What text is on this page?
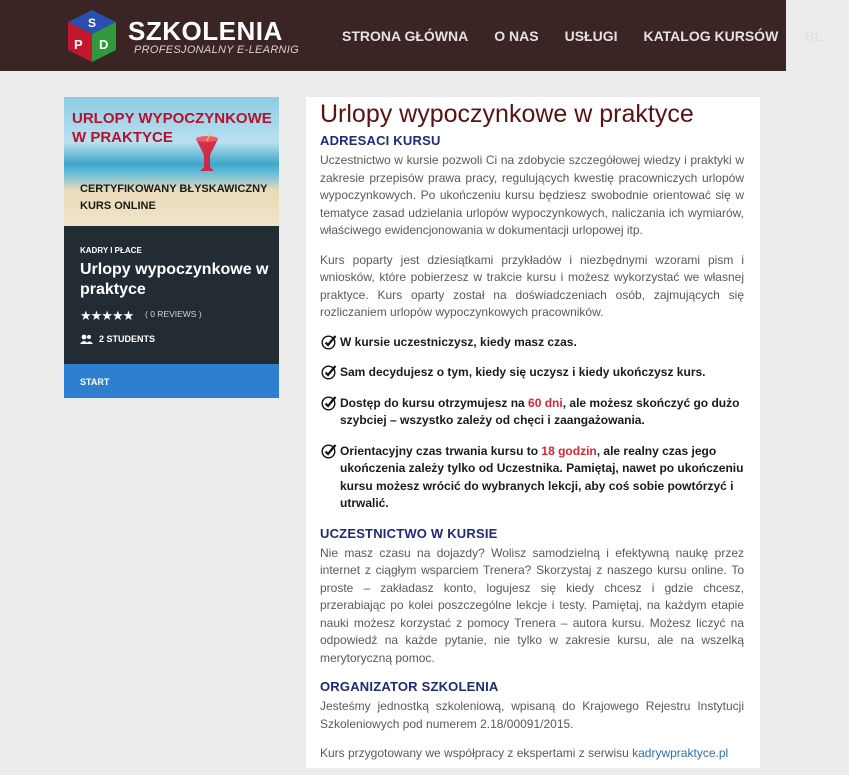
S
P D SZKOLENIA
PROFESJONALNY E-LEARNIG
STRONA GŁÓWNA O NAS USŁUGI KATALOG KURSÓW BL
URLOPY WYPOCZYNKOWE W PRAKTYCE
CERTYFIKOWANY BŁYSKAWICZNY
KURS ONLINE
KADRY I PŁACE
Urlopy wypoczynkowe w praktyce
★★★★★ ( 0 REVIEWS )
2 STUDENTS
START
Urlopy wypoczynkowe w praktyce
ADRESACI KURSU

Uczestnictwo w kursie pozwoli Ci na zdobycie szczegółowej wiedzy i praktyki w zakresie przepisów prawa pracy, regulujących kwestię pracowniczych urlopów wypoczynkowych. Po ukończeniu kursu będziesz swobodnie orientować się w tematyce zasad udzielania urlopów wypoczynkowych, naliczania ich wymiarów, właściwego ewidencjonowania w dokumentacji urlopowej itp.

Kurs poparty jest dziesiątkami przykładów i niezbędnymi wzorami pism i wniosków, które pobierzesz w trakcie kursu i możesz wykorzystać we własnej praktyce. Kurs oparty został na doświadczeniach osób, zajmujących się rozliczaniem urlopów wypoczynkowych pracowników.

W kursie uczestniczysz, kiedy masz czas.
Sam decydujesz o tym, kiedy się uczysz i kiedy ukończysz kurs.
Dostęp do kursu otrzymujesz na 60 dni, ale możesz skończyć go dużo szybciej – wszystko zależy od chęci i zaangażowania.
Orientacyjny czas trwania kursu to 18 godzin, ale realny czas jego ukończenia zależy tylko od Uczestnika. Pamiętaj, nawet po ukończeniu kursu możesz wrócić do wybranych lekcji, aby coś sobie powtórzyć i utrwalić.
UCZESTNICTWO W KURSIE

Nie masz czasu na dojazdy? Wolisz samodzielną i efektywną naukę przez internet z ciągłym wsparciem Trenera? Skorzystaj z naszego kursu online. To proste – zakładasz konto, logujesz się kiedy chcesz i gdzie chcesz, przerabiając po kolei poszczególne lekcje i testy. Pamiętaj, na każdym etapie nauki możesz korzystać z pomocy Trenera – autora kursu. Możesz liczyć na odpowiedź na każde pytanie, nie tylko w zakresie kursu, ale na wszelką merytoryczną pomoc.

ORGANIZATOR SZKOLENIA

Jesteśmy jednostką szkoleniową, wpisaną do Krajowego Rejestru Instytucji Szkoleniowych pod numerem 2.18/00091/2015.

Kurs przygotowany we współpracy z ekspertami z serwisu kadrywpraktyce.pl
